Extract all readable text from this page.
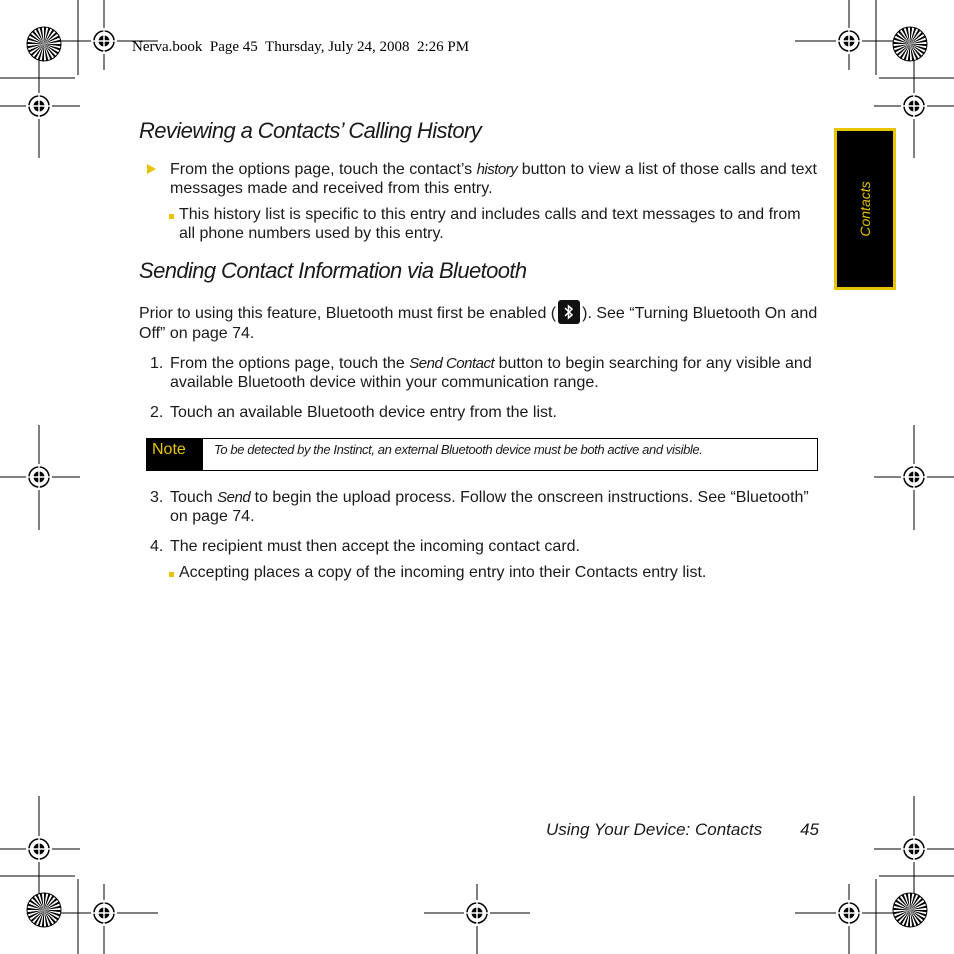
Nerva.book  Page 45  Thursday, July 24, 2008  2:26 PM
Contacts
Reviewing a Contacts’ Calling History
From the options page, touch the contact’s history button to view a list of those calls and text messages made and received from this entry.
This history list is specific to this entry and includes calls and text messages to and from all phone numbers used by this entry.
Sending Contact Information via Bluetooth
Prior to using this feature, Bluetooth must first be enabled ( ). See “Turning Bluetooth On and Off” on page 74.
1. From the options page, touch the Send Contact button to begin searching for any visible and available Bluetooth device within your communication range.
2. Touch an available Bluetooth device entry from the list.
Note	To be detected by the Instinct, an external Bluetooth device must be both active and visible.
3. Touch Send to begin the upload process. Follow the onscreen instructions. See “Bluetooth” on page 74.
4. The recipient must then accept the incoming contact card.
Accepting places a copy of the incoming entry into their Contacts entry list.
Using Your Device: Contacts 45
